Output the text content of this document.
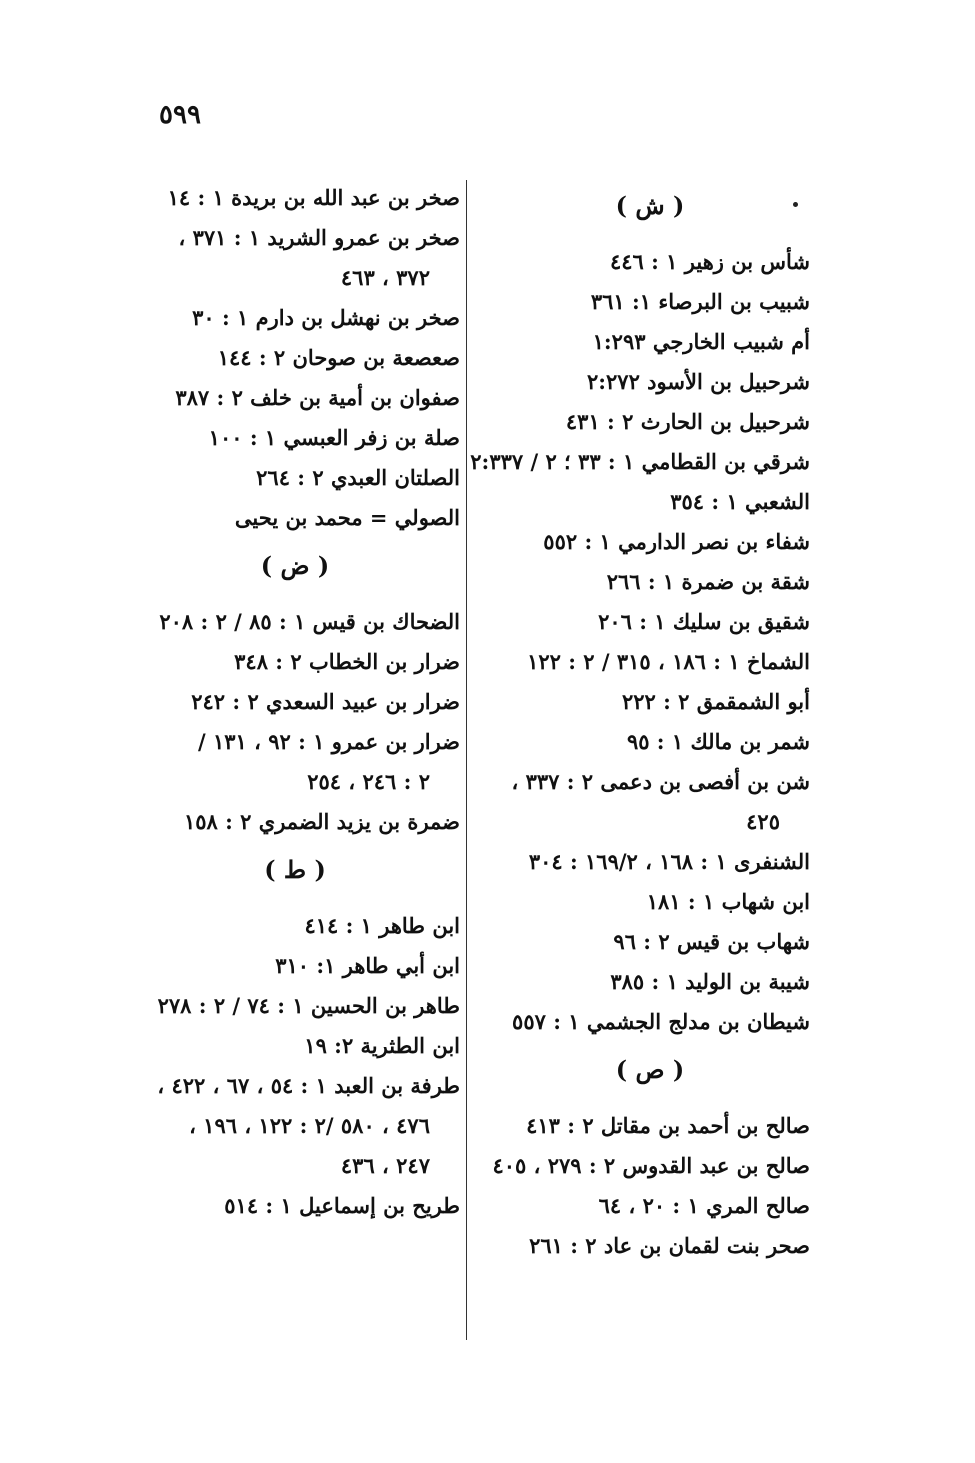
٥٩٩
( ش )
شأس بن زهير ١ : ٤٤٦
شبيب بن البرصاء ١: ٣٦١
أم شبيب الخارجي ١:٢٩٣
شرحبيل بن الأسود ٢:٢٧٢
شرحبيل بن الحارث ٢ : ٤٣١
شرقي بن القطامي ١ : ٣٣ ؛ ٢ / ٢:٣٣٧
الشعبي ١ : ٣٥٤
شفاء بن نصر الدارمي ١ : ٥٥٢
شقة بن ضمرة ١ : ٢٦٦
شقيق بن سليك ١ : ٢٠٦
الشماخ ١ : ١٨٦ ، ٣١٥ / ٢ : ١٢٢
أبو الشمقمق ٢ : ٢٢٢
شمر بن مالك ١ : ٩٥
شن بن أفصى بن دعمى ٢ : ٣٣٧ ،
٤٢٥
الشنفرى ١ : ١٦٨ ، ١٦٩/٢ : ٣٠٤
ابن شهاب ١ : ١٨١
شهاب بن قيس ٢ : ٩٦
شيبة بن الوليد ١ : ٣٨٥
شيطان بن مدلج الجشمي ١ : ٥٥٧
( ص )
صالح بن أحمد بن مقاتل ٢ : ٤١٣
صالح بن عبد القدوس ٢ : ٢٧٩ ، ٤٠٥
صالح المري ١ : ٢٠ ، ٦٤
صحر بنت لقمان بن عاد ٢ : ٢٦١
صخر بن عبد الله بن بريدة ١ : ١٤
صخر بن عمرو الشريد ١ : ٣٧١ ،
٣٧٢ ، ٤٦٣
صخر بن نهشل بن دارم ١ : ٣٠
صعصعة بن صوحان ٢ : ١٤٤
صفوان بن أمية بن خلف ٢ : ٣٨٧
صلة بن زفر العبسي ١ : ١٠٠
الصلتان العبدي ٢ : ٢٦٤
الصولي = محمد بن يحيى
( ض )
الضحاك بن قيس ١ : ٨٥ / ٢ : ٢٠٨
ضرار بن الخطاب ٢ : ٣٤٨
ضرار بن عبيد السعدي ٢ : ٢٤٢
ضرار بن عمرو ١ : ٩٢ ، ١٣١ /
٢ : ٢٤٦ ، ٢٥٤
ضمرة بن يزيد الضمري ٢ : ١٥٨
( ط )
ابن طاهر ١ : ٤١٤
ابن أبي طاهر ١: ٣١٠
طاهر بن الحسين ١ : ٧٤ / ٢ : ٢٧٨
ابن الطثرية ٢: ١٩
طرفة بن العبد ١ : ٥٤ ، ٦٧ ، ٤٢٢ ،
٤٧٦ ، ٥٨٠ /٢ : ١٢٢ ، ١٩٦ ،
٢٤٧ ، ٤٣٦
طريح بن إسماعيل ١ : ٥١٤
